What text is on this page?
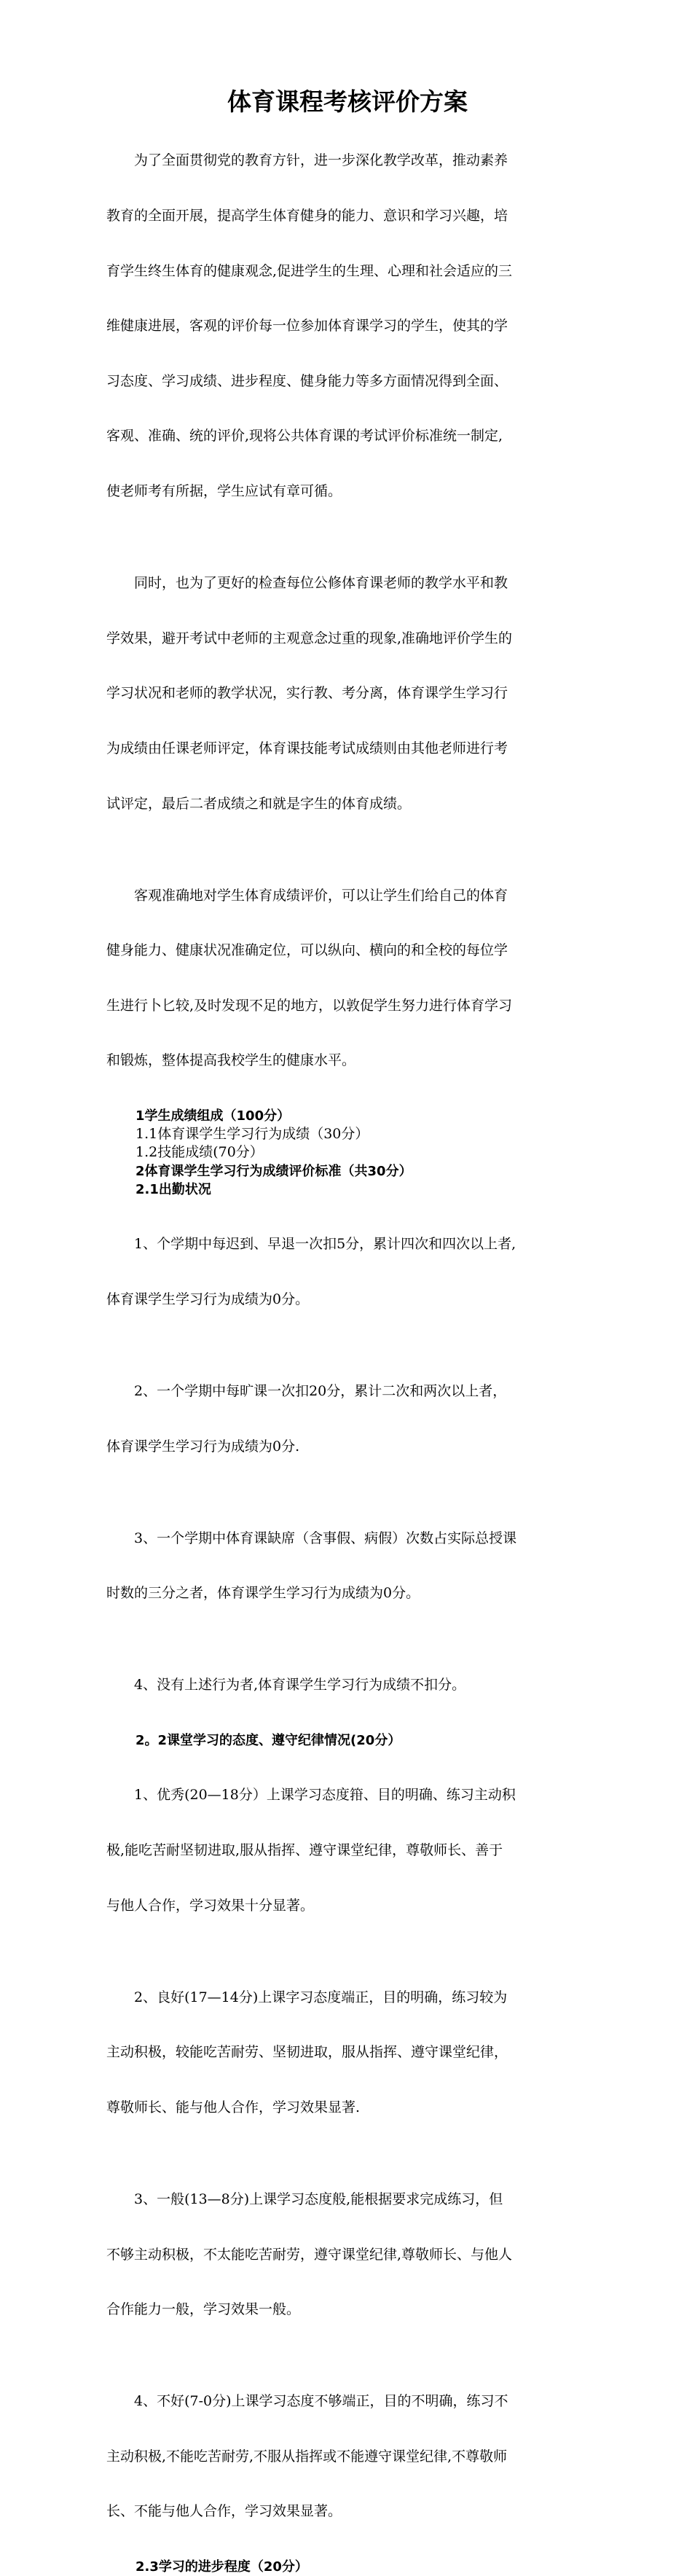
体育课程考核评价方案

为了全面贯彻党的教育方针，进一步深化教学改革，推动素养

教育的全面开展，提高学生体育健身的能力、意识和学习兴趣，培

育学生终生体育的健康观念,促进学生的生理、心理和社会适应的三

维健康进展，客观的评价每一位参加体育课学习的学生，使其的学

习态度、学习成绩、进步程度、健身能力等多方面情况得到全面、

客观、准确、统的评价,现将公共体育课的考试评价标准统一制定,

使老师考有所据，学生应试有章可循。

同时，也为了更好的检查每位公修体育课老师的教学水平和教

学效果，避开考试中老师的主观意念过重的现象,准确地评价学生的

学习状况和老师的教学状况，实行教、考分离，体育课学生学习行

为成绩由任课老师评定，体育课技能考试成绩则由其他老师进行考

试评定，最后二者成绩之和就是字生的体育成绩。

客观准确地对学生体育成绩评价，可以让学生们给自己的体育

健身能力、健康状况准确定位，可以纵向、横向的和全校的每位学

生进行卜匕较,及时发现不足的地方，以敦促学生努力进行体育学习

和锻炼，整体提高我校学生的健康水平。

1学生成绩组成（100分）

1.1体育课学生学习行为成绩（30分）

1.2技能成绩(70分）

2体育课学生学习行为成绩评价标准（共30分）

2.1出勤状况

1、个学期中每迟到、早退一次扣5分，累计四次和四次以上者,

体育课学生学习行为成绩为0分。

2、一个学期中每旷课一次扣20分，累计二次和两次以上者，

体育课学生学习行为成绩为0分.

3、一个学期中体育课缺席（含事假、病假）次数占实际总授课

时数的三分之者，体育课学生学习行为成绩为0分。

4、没有上述行为者,体育课学生学习行为成绩不扣分。

2。2课堂学习的态度、遵守纪律情况(20分）

1、优秀(20—18分）上课学习态度箝、目的明确、练习主动积

极,能吃苦耐坚韧进取,服从指挥、遵守课堂纪律，尊敬师长、善于

与他人合作，学习效果十分显著。

2、良好(17—14分)上课字习态度端正，目的明确，练习较为

主动积极，较能吃苦耐劳、坚韧进取，服从指挥、遵守课堂纪律，

尊敬师长、能与他人合作，学习效果显著.

3、一般(13—8分)上课学习态度般,能根据要求完成练习，但

不够主动积极，不太能吃苦耐劳，遵守课堂纪律,尊敬师长、与他人

合作能力一般，学习效果一般。

4、不好(7-0分)上课学习态度不够端正，目的不明确，练习不

主动积极,不能吃苦耐劳,不服从指挥或不能遵守课堂纪律,不尊敬师

长、不能与他人合作，学习效果显著。

2.3学习的进步程度（20分）
